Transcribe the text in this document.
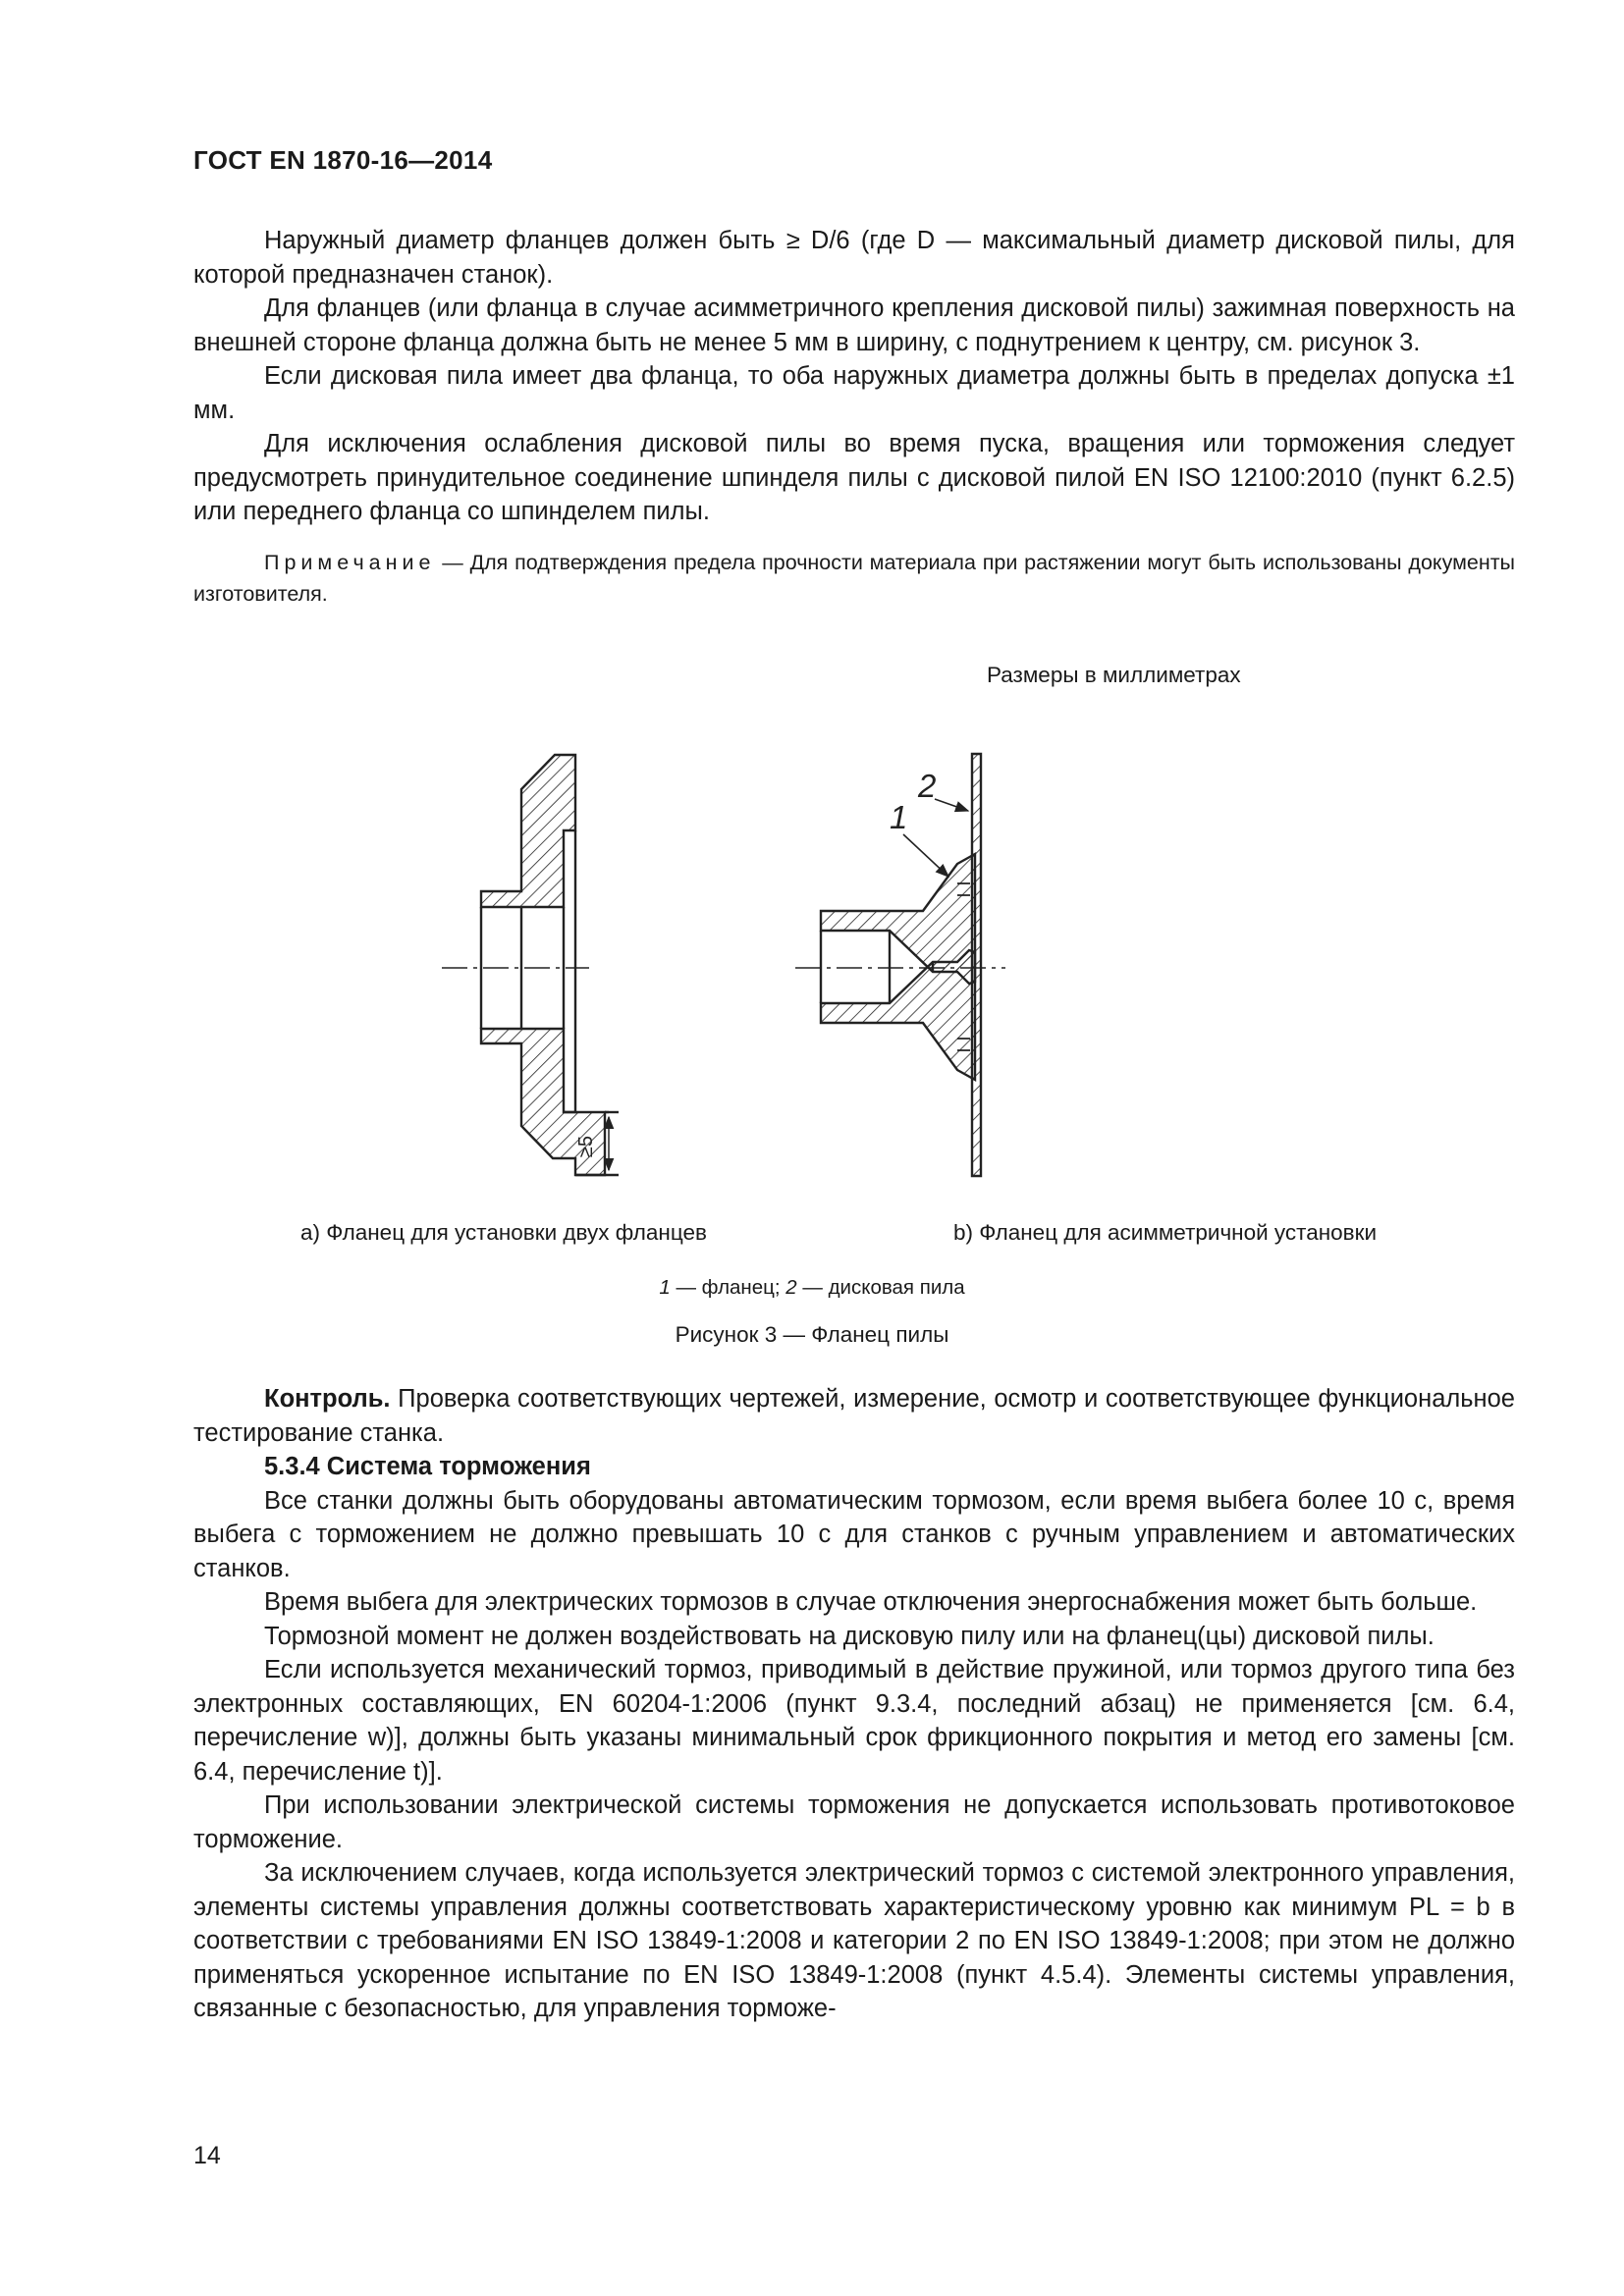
ГОСТ EN 1870-16—2014

Наружный диаметр фланцев должен быть ≥ D/6 (где D — максимальный диаметр дисковой пилы, для которой предназначен станок).

Для фланцев (или фланца в случае асимметричного крепления дисковой пилы) зажимная поверхность на внешней стороне фланца должна быть не менее 5 мм в ширину, с поднутрением к центру, см. рисунок 3.

Если дисковая пила имеет два фланца, то оба наружных диаметра должны быть в пределах допуска ±1 мм.

Для исключения ослабления дисковой пилы во время пуска, вращения или торможения следует предусмотреть принудительное соединение шпинделя пилы с дисковой пилой EN ISO 12100:2010 (пункт 6.2.5) или переднего фланца со шпинделем пилы.

Примечание — Для подтверждения предела прочности материала при растяжении могут быть использованы документы изготовителя.

Размеры в миллиметрах
≥5
2
1
а) Фланец для установки двух фланцев	b) Фланец для асимметричной установки
1 — фланец; 2 — дисковая пила
Рисунок 3 — Фланец пилы

Контроль. Проверка соответствующих чертежей, измерение, осмотр и соответствующее функциональное тестирование станка.

5.3.4 Система торможения

Все станки должны быть оборудованы автоматическим тормозом, если время выбега более 10 с, время выбега с торможением не должно превышать 10 с для станков с ручным управлением и автоматических станков.

Время выбега для электрических тормозов в случае отключения энергоснабжения может быть больше.

Тормозной момент не должен воздействовать на дисковую пилу или на фланец(цы) дисковой пилы.

Если используется механический тормоз, приводимый в действие пружиной, или тормоз другого типа без электронных составляющих, EN 60204-1:2006 (пункт 9.3.4, последний абзац) не применяется [см. 6.4, перечисление w)], должны быть указаны минимальный срок фрикционного покрытия и метод его замены [см. 6.4, перечисление t)].

При использовании электрической системы торможения не допускается использовать противотоковое торможение.

За исключением случаев, когда используется электрический тормоз с системой электронного управления, элементы системы управления должны соответствовать характеристическому уровню как минимум PL = b в соответствии с требованиями EN ISO 13849-1:2008 и категории 2 по EN ISO 13849-1:2008; при этом не должно применяться ускоренное испытание по EN ISO 13849-1:2008 (пункт 4.5.4). Элементы системы управления, связанные с безопасностью, для управления торможе-

14
